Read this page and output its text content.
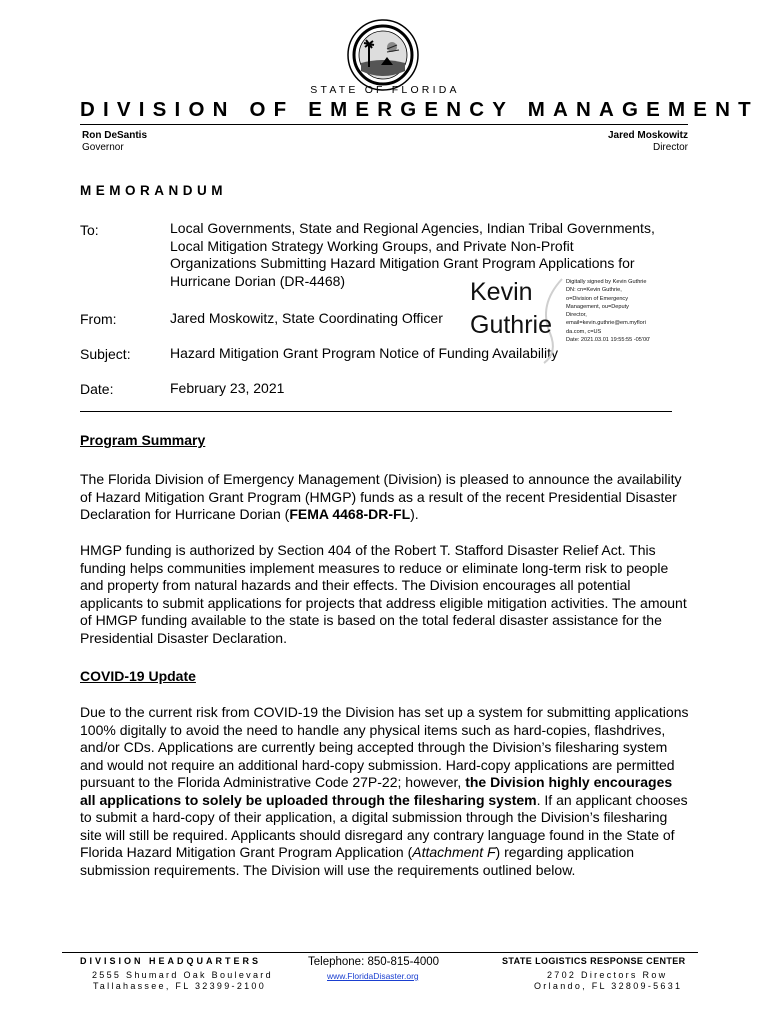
STATE OF FLORIDA
DIVISION OF EMERGENCY MANAGEMENT
Ron DeSantis
Governor
Jared Moskowitz
Director
MEMORANDUM
To:	Local Governments, State and Regional Agencies, Indian Tribal Governments, Local Mitigation Strategy Working Groups, and Private Non-Profit Organizations Submitting Hazard Mitigation Grant Program Applications for Hurricane Dorian (DR-4468)
From:	Jared Moskowitz, State Coordinating Officer
Subject:	Hazard Mitigation Grant Program Notice of Funding Availability
Date:	February 23, 2021
Kevin
Guthrie
Digitally signed by Kevin Guthrie
DN: cn=Kevin Guthrie,
o=Division of Emergency
Management, ou=Deputy
Director,
email=kevin.guthrie@em.myflori
da.com, c=US
Date: 2021.03.01 19:55:55 -05'00'
Program Summary
The Florida Division of Emergency Management (Division) is pleased to announce the availability of Hazard Mitigation Grant Program (HMGP) funds as a result of the recent Presidential Disaster Declaration for Hurricane Dorian (FEMA 4468-DR-FL).
HMGP funding is authorized by Section 404 of the Robert T. Stafford Disaster Relief Act. This funding helps communities implement measures to reduce or eliminate long-term risk to people and property from natural hazards and their effects. The Division encourages all potential applicants to submit applications for projects that address eligible mitigation activities. The amount of HMGP funding available to the state is based on the total federal disaster assistance for the Presidential Disaster Declaration.
COVID-19 Update
Due to the current risk from COVID-19 the Division has set up a system for submitting applications 100% digitally to avoid the need to handle any physical items such as hard-copies, flashdrives, and/or CDs. Applications are currently being accepted through the Division’s filesharing system and would not require an additional hard-copy submission. Hard-copy applications are permitted pursuant to the Florida Administrative Code 27P-22; however, the Division highly encourages all applications to solely be uploaded through the filesharing system. If an applicant chooses to submit a hard-copy of their application, a digital submission through the Division’s filesharing site will still be required. Applicants should disregard any contrary language found in the State of Florida Hazard Mitigation Grant Program Application (Attachment F) regarding application submission requirements. The Division will use the requirements outlined below.
DIVISION HEADQUARTERS
2555 Shumard Oak Boulevard
Tallahassee, FL 32399-2100
Telephone: 850-815-4000
www.FloridaDisaster.org
STATE LOGISTICS RESPONSE CENTER
2702 Directors Row
Orlando, FL 32809-5631
